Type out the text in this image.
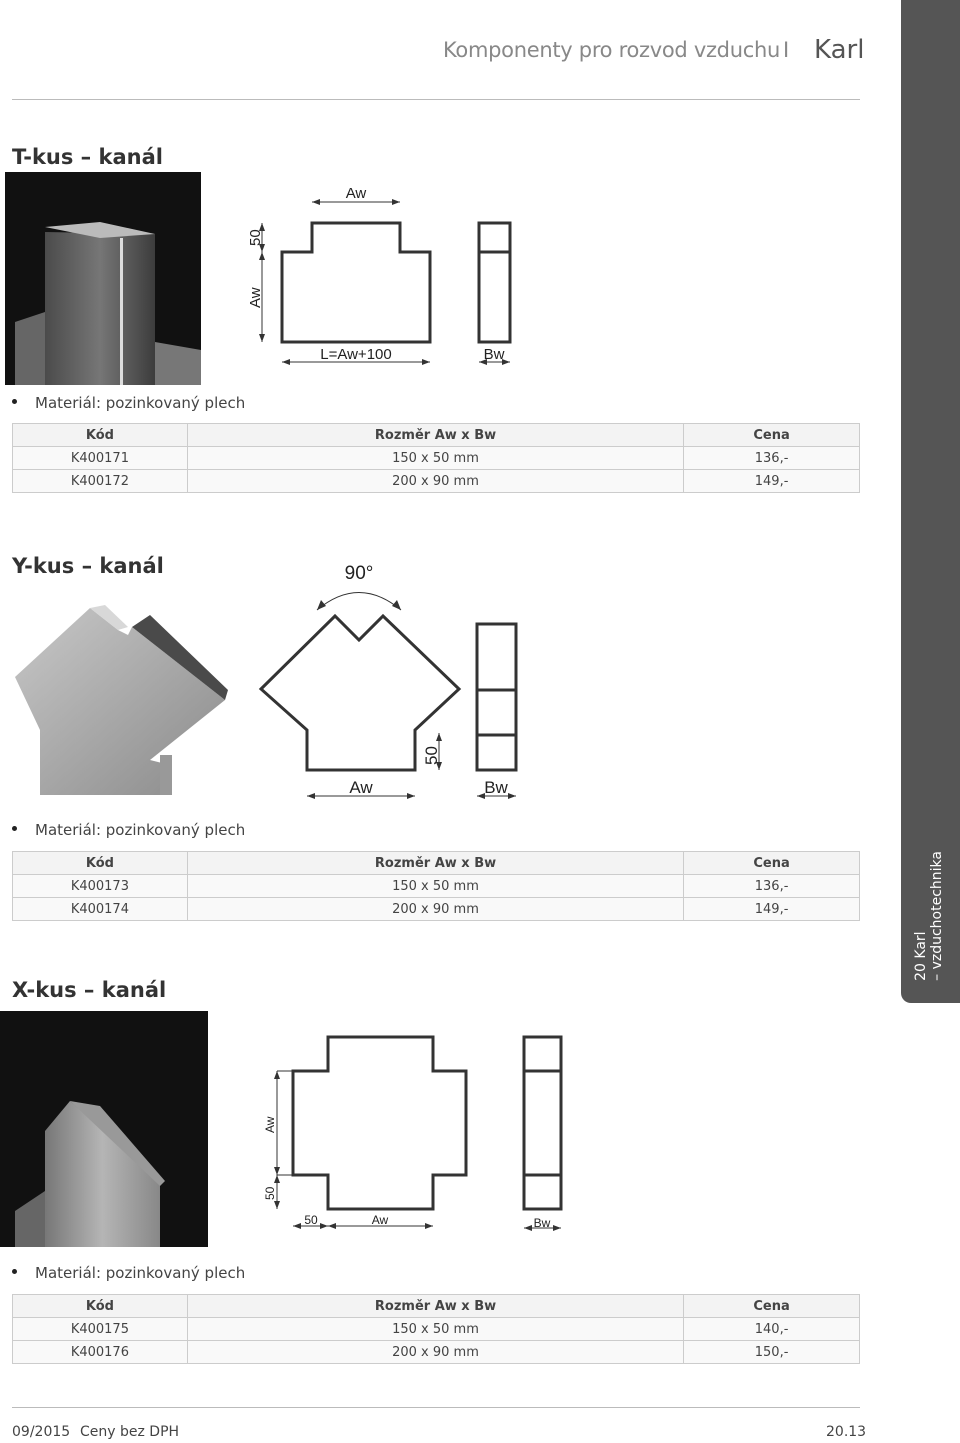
Komponenty pro rozvod vzduchu I Karl
20 Karl – vzduchotechnika
T-kus – kanál
Aw
50
Aw
L=Aw+100	Bw
Materiál: pozinkovaný plech
Kód	Rozměr Aw x Bw	Cena
K400171	150 x 50 mm	136,-
K400172	200 x 90 mm	149,-
Y-kus – kanál	90°
50
Aw	Bw
Materiál: pozinkovaný plech
Kód	Rozměr Aw x Bw	Cena
K400173	150 x 50 mm	136,-
K400174	200 x 90 mm	149,-
X-kus – kanál
Aw
50
50	Aw	Bw
Materiál: pozinkovaný plech
Kód	Rozměr Aw x Bw	Cena
K400175	150 x 50 mm	140,-
K400176	200 x 90 mm	150,-
09/2015 Ceny bez DPH	20.13
